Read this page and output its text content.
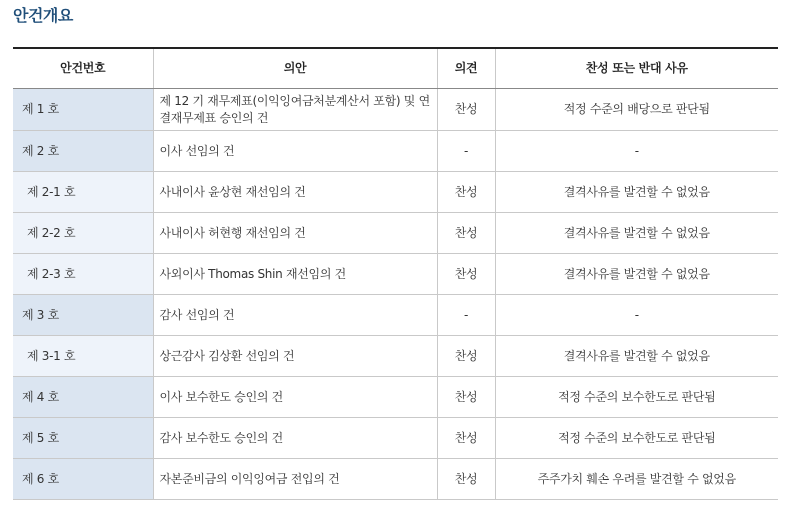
안건개요
안건번호	의안	의견	찬성 또는 반대 사유
제 1 호	제 12 기 재무제표(이익잉여금처분계산서 포함) 및 연결재무제표 승인의 건	찬성	적정 수준의 배당으로 판단됨
제 2 호	이사 선임의 건	-	-
제 2-1 호	사내이사 윤상현 재선임의 건	찬성	결격사유를 발견할 수 없었음
제 2-2 호	사내이사 허현행 재선임의 건	찬성	결격사유를 발견할 수 없었음
제 2-3 호	사외이사 Thomas Shin 재선임의 건	찬성	결격사유를 발견할 수 없었음
제 3 호	감사 선임의 건	-	-
제 3-1 호	상근감사 김상환 선임의 건	찬성	결격사유를 발견할 수 없었음
제 4 호	이사 보수한도 승인의 건	찬성	적정 수준의 보수한도로 판단됨
제 5 호	감사 보수한도 승인의 건	찬성	적정 수준의 보수한도로 판단됨
제 6 호	자본준비금의 이익잉여금 전입의 건	찬성	주주가치 훼손 우려를 발견할 수 없었음
